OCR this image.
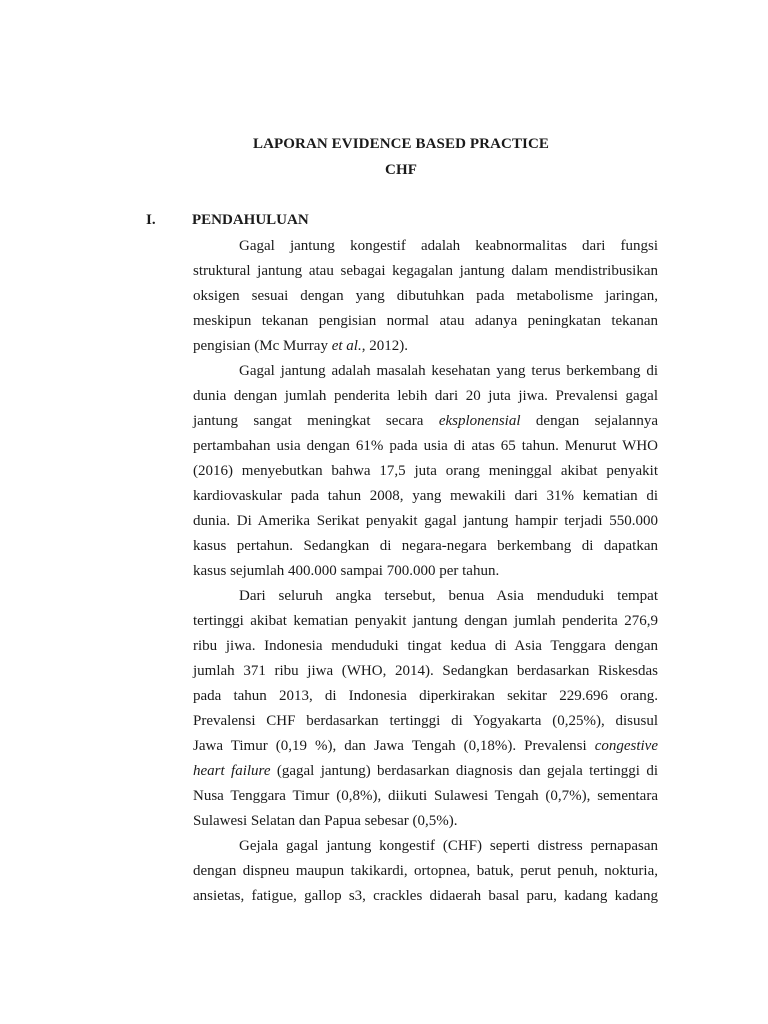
LAPORAN EVIDENCE BASED PRACTICE
CHF
I. PENDAHULUAN
Gagal jantung kongestif adalah keabnormalitas dari fungsi
struktural jantung atau sebagai kegagalan jantung dalam mendistribusikan
oksigen sesuai dengan yang dibutuhkan pada metabolisme jaringan,
meskipun tekanan pengisian normal atau adanya peningkatan tekanan
pengisian (Mc Murray et al., 2012).
Gagal jantung adalah masalah kesehatan yang terus berkembang di
dunia dengan jumlah penderita lebih dari 20 juta jiwa. Prevalensi gagal
jantung sangat meningkat secara eksplonensial dengan sejalannya
pertambahan usia dengan 61% pada usia di atas 65 tahun. Menurut WHO
(2016) menyebutkan bahwa 17,5 juta orang meninggal akibat penyakit
kardiovaskular pada tahun 2008, yang mewakili dari 31% kematian di
dunia. Di Amerika Serikat penyakit gagal jantung hampir terjadi 550.000
kasus pertahun. Sedangkan di negara-negara berkembang di dapatkan
kasus sejumlah 400.000 sampai 700.000 per tahun.
Dari seluruh angka tersebut, benua Asia menduduki tempat
tertinggi akibat kematian penyakit jantung dengan jumlah penderita 276,9
ribu jiwa. Indonesia menduduki tingat kedua di Asia Tenggara dengan
jumlah 371 ribu jiwa (WHO, 2014). Sedangkan berdasarkan Riskesdas
pada tahun 2013, di Indonesia diperkirakan sekitar 229.696 orang.
Prevalensi CHF berdasarkan tertinggi di Yogyakarta (0,25%), disusul
Jawa Timur (0,19 %), dan Jawa Tengah (0,18%). Prevalensi congestive
heart failure (gagal jantung) berdasarkan diagnosis dan gejala tertinggi di
Nusa Tenggara Timur (0,8%), diikuti Sulawesi Tengah (0,7%), sementara
Sulawesi Selatan dan Papua sebesar (0,5%).
Gejala gagal jantung kongestif (CHF) seperti distress pernapasan
dengan dispneu maupun takikardi, ortopnea, batuk, perut penuh, nokturia,
ansietas, fatigue, gallop s3, crackles didaerah basal paru, kadang kadang
